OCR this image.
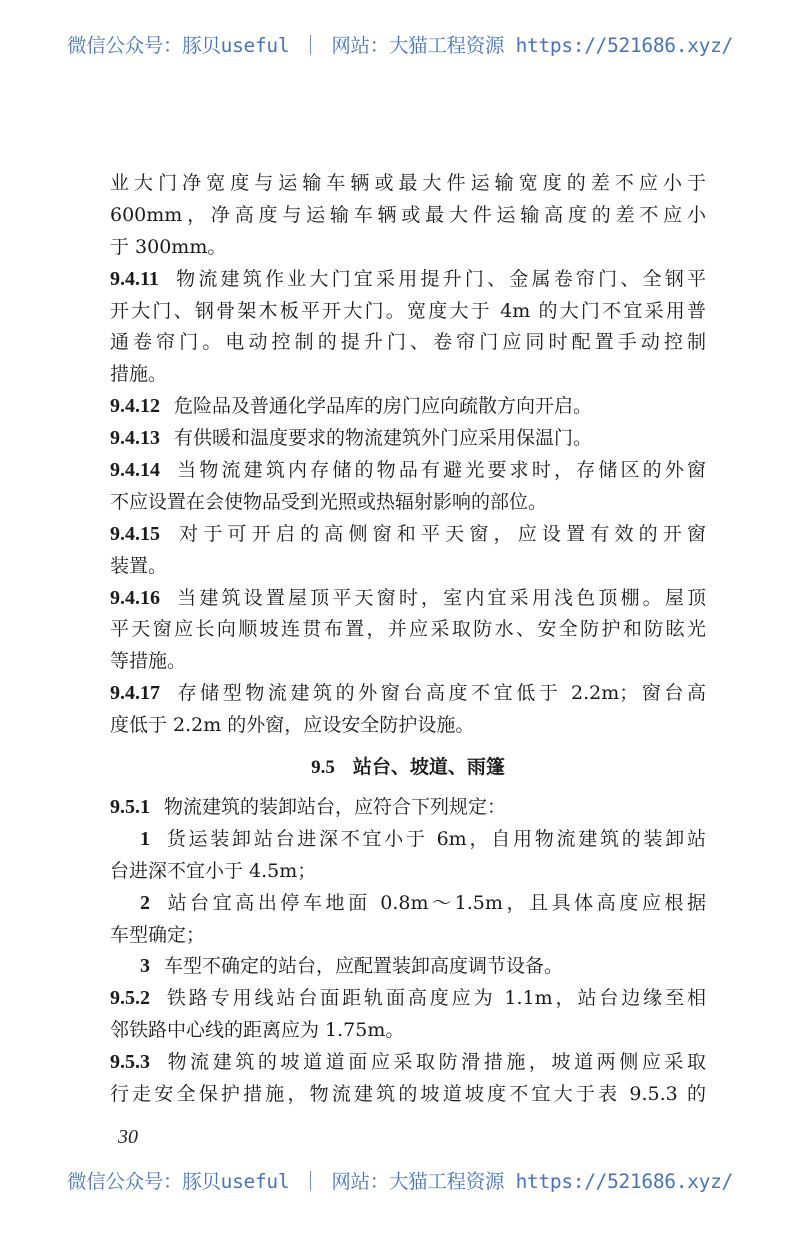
微信公众号：豚贝useful ｜ 网站：大猫工程资源 https://521686.xyz/
业大门净宽度与运输车辆或最大件运输宽度的差不应小于
600mm，净高度与运输车辆或最大件运输高度的差不应小
于 300mm。
9.4.11 物流建筑作业大门宜采用提升门、金属卷帘门、全钢平
开大门、钢骨架木板平开大门。宽度大于 4m 的大门不宜采用普
通卷帘门。电动控制的提升门、卷帘门应同时配置手动控制
措施。
9.4.12 危险品及普通化学品库的房门应向疏散方向开启。
9.4.13 有供暖和温度要求的物流建筑外门应采用保温门。
9.4.14 当物流建筑内存储的物品有避光要求时，存储区的外窗
不应设置在会使物品受到光照或热辐射影响的部位。
9.4.15 对于可开启的高侧窗和平天窗，应设置有效的开窗
装置。
9.4.16 当建筑设置屋顶平天窗时，室内宜采用浅色顶棚。屋顶
平天窗应长向顺坡连贯布置，并应采取防水、安全防护和防眩光
等措施。
9.4.17 存储型物流建筑的外窗台高度不宜低于 2.2m；窗台高
度低于 2.2m 的外窗，应设安全防护设施。
9.5 站台、坡道、雨篷
9.5.1 物流建筑的装卸站台，应符合下列规定：
1 货运装卸站台进深不宜小于 6m，自用物流建筑的装卸站
台进深不宜小于 4.5m；
2 站台宜高出停车地面 0.8m～1.5m，且具体高度应根据
车型确定；
3 车型不确定的站台，应配置装卸高度调节设备。
9.5.2 铁路专用线站台面距轨面高度应为 1.1m，站台边缘至相
邻铁路中心线的距离应为 1.75m。
9.5.3 物流建筑的坡道道面应采取防滑措施，坡道两侧应采取
行走安全保护措施，物流建筑的坡道坡度不宜大于表 9.5.3 的
30
微信公众号：豚贝useful ｜ 网站：大猫工程资源 https://521686.xyz/
